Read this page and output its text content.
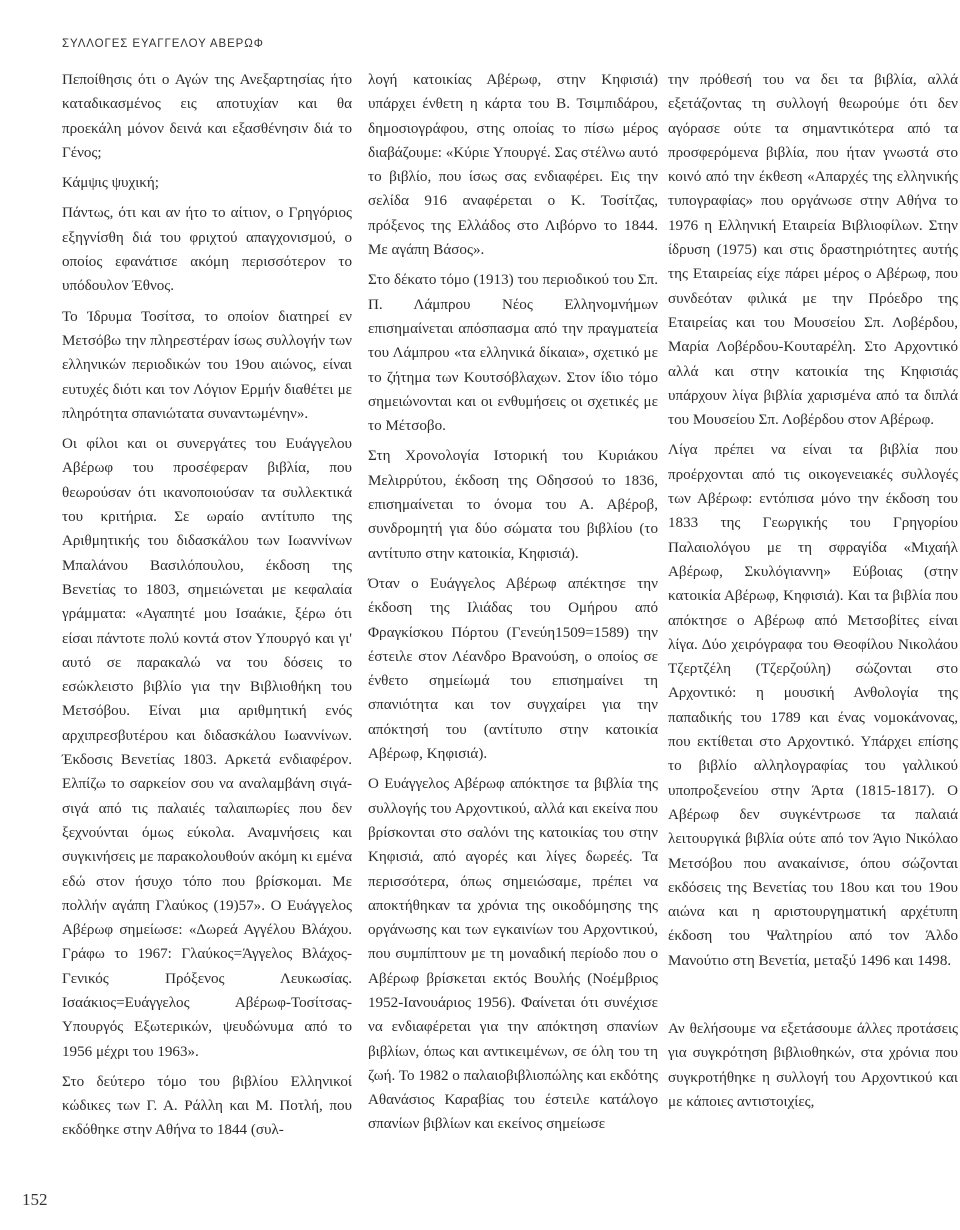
ΣΥΛΛΟΓΕΣ ΕΥΑΓΓΕΛΟΥ ΑΒΕΡΩΦ

Πεποίθησις ότι ο Αγών της Ανεξαρτησίας ήτο καταδικασμένος εις αποτυχίαν και θα προεκάλη μόνον δεινά και εξασθένησιν διά το Γένος;

Κάμψις ψυχική;

Πάντως, ότι και αν ήτο το αίτιον, ο Γρηγόριος εξηγνίσθη διά του φριχτού απαγχονισμού, ο οποίος εφανάτισε ακόμη περισσότερον το υπόδουλον Έθνος.

Το Ίδρυμα Τοσίτσα, το οποίον διατηρεί εν Μετσόβω την πληρεστέραν ίσως συλλογήν των ελληνικών περιοδικών του 19ου αιώνος, είναι ευτυχές διότι και τον Λόγιον Ερμήν διαθέτει με πληρότητα σπανιώτατα συναντωμένην».

Οι φίλοι και οι συνεργάτες του Ευάγγελου Αβέρωφ του προσέφεραν βιβλία, που θεωρούσαν ότι ικανοποιούσαν τα συλλεκτικά του κριτήρια. Σε ωραίο αντίτυπο της Αριθμητικής του διδασκάλου των Ιωαννίνων Μπαλάνου Βασιλόπουλου, έκδοση της Βενετίας το 1803, σημειώνεται με κεφαλαία γράμματα: «Αγαπητέ μου Ισαάκιε, ξέρω ότι είσαι πάντοτε πολύ κοντά στον Υπουργό και γι' αυτό σε παρακαλώ να του δόσεις το εσώκλειστο βιβλίο για την Βιβλιοθήκη του Μετσόβου. Είναι μια αριθμητική ενός αρχιπρεσβυτέρου και διδασκάλου Ιωαννίνων. Έκδοσις Βενετίας 1803. Αρκετά ενδιαφέρον. Ελπίζω το σαρκείον σου να αναλαμβάνη σιγά-σιγά από τις παλαιές ταλαιπωρίες που δεν ξεχνούνται όμως εύκολα. Αναμνήσεις και συγκινήσεις με παρακολουθούν ακόμη κι εμένα εδώ στον ήσυχο τόπο που βρίσκομαι. Με πολλήν αγάπη Γλαύκος (19)57». Ο Ευάγγελος Αβέρωφ σημείωσε: «Δωρεά Αγγέλου Βλάχου. Γράφω το 1967: Γλαύκος=Άγγελος Βλάχος-Γενικός Πρόξενος Λευκωσίας. Ισαάκιος=Ευάγγελος Αβέρωφ-Τοσίτσας-Υπουργός Εξωτερικών, ψευδώνυμα από το 1956 μέχρι του 1963».

Στο δεύτερο τόμο του βιβλίου Ελληνικοί κώδικες των Γ. Α. Ράλλη και Μ. Ποτλή, που εκδόθηκε στην Αθήνα το 1844 (συλ-

λογή κατοικίας Αβέρωφ, στην Κηφισιά) υπάρχει ένθετη η κάρτα του Β. Τσιμπιδάρου, δημοσιογράφου, στης οποίας το πίσω μέρος διαβάζουμε: «Κύριε Υπουργέ. Σας στέλνω αυτό το βιβλίο, που ίσως σας ενδιαφέρει. Εις την σελίδα 916 αναφέρεται ο Κ. Τοσίτζας, πρόξενος της Ελλάδος στο Λιβόρνο το 1844. Με αγάπη Βάσος».

Στο δέκατο τόμο (1913) του περιοδικού του Σπ. Π. Λάμπρου Νέος Ελληνομνήμων επισημαίνεται απόσπασμα από την πραγματεία του Λάμπρου «τα ελληνικά δίκαια», σχετικό με το ζήτημα των Κουτσόβλαχων. Στον ίδιο τόμο σημειώνονται και οι ενθυμήσεις οι σχετικές με το Μέτσοβο.

Στη Χρονολογία Ιστορική του Κυριάκου Μελιρρύτου, έκδοση της Οδησσού το 1836, επισημαίνεται το όνομα του Α. Αβέροβ, συνδρομητή για δύο σώματα του βιβλίου (το αντίτυπο στην κατοικία, Κηφισιά).

Όταν ο Ευάγγελος Αβέρωφ απέκτησε την έκδοση της Ιλιάδας του Ομήρου από Φραγκίσκου Πόρτου (Γενεύη1509=1589) την έστειλε στον Λέανδρο Βρανούση, ο οποίος σε ένθετο σημείωμά του επισημαίνει τη σπανιότητα και τον συγχαίρει για την απόκτησή του (αντίτυπο στην κατοικία Αβέρωφ, Κηφισιά).

Ο Ευάγγελος Αβέρωφ απόκτησε τα βιβλία της συλλογής του Αρχοντικού, αλλά και εκείνα που βρίσκονται στο σαλόνι της κατοικίας του στην Κηφισιά, από αγορές και λίγες δωρεές. Τα περισσότερα, όπως σημειώσαμε, πρέπει να αποκτήθηκαν τα χρόνια της οικοδόμησης της οργάνωσης και των εγκαινίων του Αρχοντικού, που συμπίπτουν με τη μοναδική περίοδο που ο Αβέρωφ βρίσκεται εκτός Βουλής (Νοέμβριος 1952-Ιανουάριος 1956). Φαίνεται ότι συνέχισε να ενδιαφέρεται για την απόκτηση σπανίων βιβλίων, όπως και αντικειμένων, σε όλη του τη ζωή. Το 1982 ο παλαιοβιβλιοπώλης και εκδότης Αθανάσιος Καραβίας του έστειλε κατάλογο σπανίων βιβλίων και εκείνος σημείωσε

την πρόθεσή του να δει τα βιβλία, αλλά εξετάζοντας τη συλλογή θεωρούμε ότι δεν αγόρασε ούτε τα σημαντικότερα από τα προσφερόμενα βιβλία, που ήταν γνωστά στο κοινό από την έκθεση «Απαρχές της ελληνικής τυπογραφίας» που οργάνωσε στην Αθήνα το 1976 η Ελληνική Εταιρεία Βιβλιοφίλων. Στην ίδρυση (1975) και στις δραστηριότητες αυτής της Εταιρείας είχε πάρει μέρος ο Αβέρωφ, που συνδεόταν φιλικά με την Πρόεδρο της Εταιρείας και του Μουσείου Σπ. Λοβέρδου, Μαρία Λοβέρδου-Κουταρέλη. Στο Αρχοντικό αλλά και στην κατοικία της Κηφισιάς υπάρχουν λίγα βιβλία χαρισμένα από τα διπλά του Μουσείου Σπ. Λοβέρδου στον Αβέρωφ.

Λίγα πρέπει να είναι τα βιβλία που προέρχονται από τις οικογενειακές συλλογές των Αβέρωφ: εντόπισα μόνο την έκδοση του 1833 της Γεωργικής του Γρηγορίου Παλαιολόγου με τη σφραγίδα «Μιχαήλ Αβέρωφ, Σκυλόγιαννη» Εύβοιας (στην κατοικία Αβέρωφ, Κηφισιά). Και τα βιβλία που απόκτησε ο Αβέρωφ από Μετσοβίτες είναι λίγα. Δύο χειρόγραφα του Θεοφίλου Νικολάου Τζερτζέλη (Τζερζούλη) σώζονται στο Αρχοντικό: η μουσική Ανθολογία της παπαδικής του 1789 και ένας νομοκάνονας, που εκτίθεται στο Αρχοντικό. Υπάρχει επίσης το βιβλίο αλληλογραφίας του γαλλικού υποπροξενείου στην Άρτα (1815-1817). Ο Αβέρωφ δεν συγκέντρωσε τα παλαιά λειτουργικά βιβλία ούτε από τον Άγιο Νικόλαο Μετσόβου που ανακαίνισε, όπου σώζονται εκδόσεις της Βενετίας του 18ου και του 19ου αιώνα και η αριστουργηματική αρχέτυπη έκδοση του Ψαλτηρίου από τον Άλδο Μανούτιο στη Βενετία, μεταξύ 1496 και 1498.

Αν θελήσουμε να εξετάσουμε άλλες προτάσεις για συγκρότηση βιβλιοθηκών, στα χρόνια που συγκροτήθηκε η συλλογή του Αρχοντικού και με κάποιες αντιστοιχίες,

152
